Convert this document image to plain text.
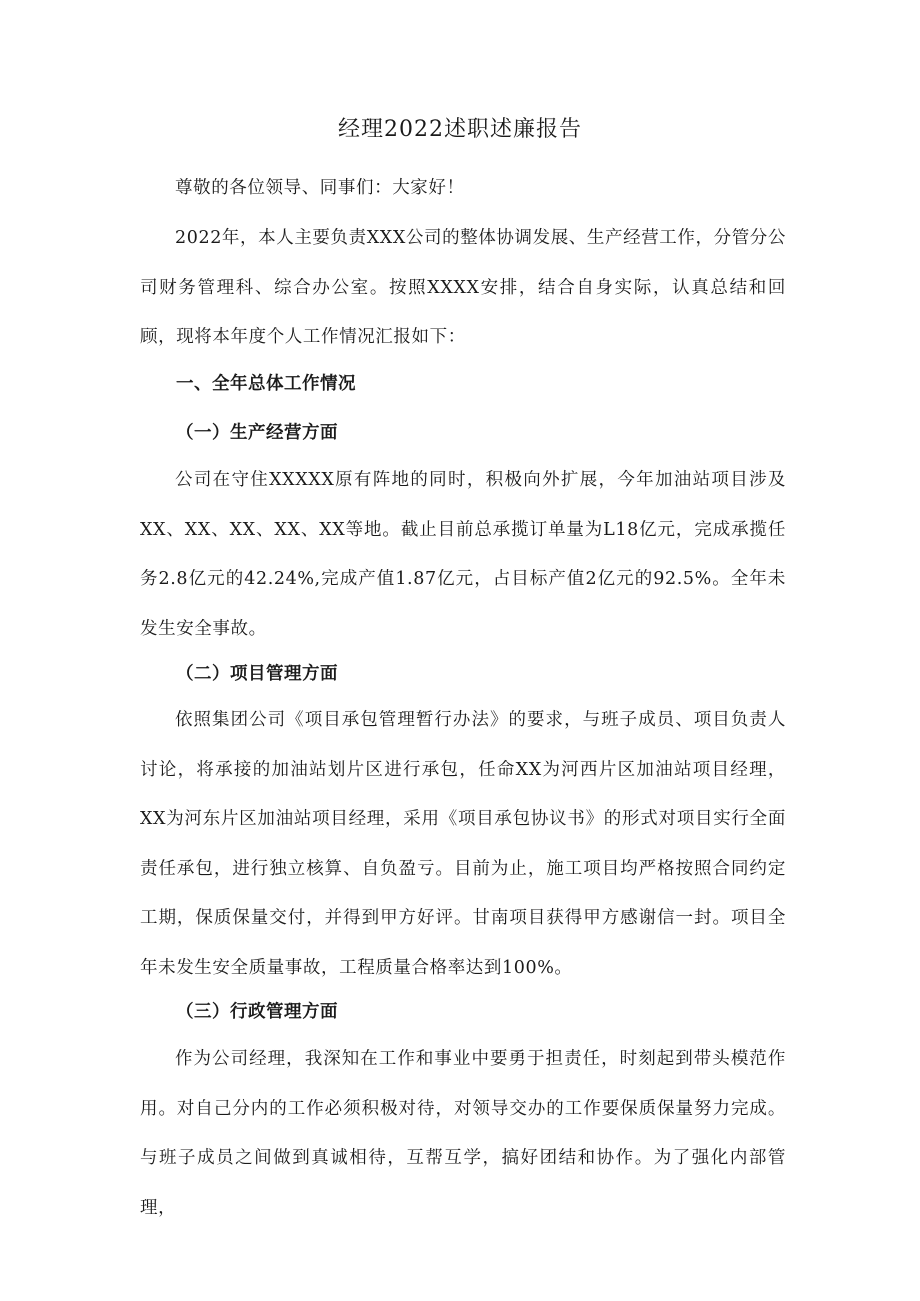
经理2022述职述廉报告

尊敬的各位领导、同事们：大家好！

2022年，本人主要负责XXX公司的整体协调发展、生产经营工作，分管分公司财务管理科、综合办公室。按照XXXX安排，结合自身实际，认真总结和回顾，现将本年度个人工作情况汇报如下：

一、全年总体工作情况
（一）生产经营方面

公司在守住XXXXX原有阵地的同时，积极向外扩展，今年加油站项目涉及XX、XX、XX、XX、XX等地。截止目前总承揽订单量为L18亿元，完成承揽任务2.8亿元的42.24%,完成产值1.87亿元，占目标产值2亿元的92.5%。全年未发生安全事故。

（二）项目管理方面

依照集团公司《项目承包管理暂行办法》的要求，与班子成员、项目负责人讨论，将承接的加油站划片区进行承包，任命XX为河西片区加油站项目经理，XX为河东片区加油站项目经理，采用《项目承包协议书》的形式对项目实行全面责任承包，进行独立核算、自负盈亏。目前为止，施工项目均严格按照合同约定工期，保质保量交付，并得到甲方好评。甘南项目获得甲方感谢信一封。项目全年未发生安全质量事故，工程质量合格率达到100%。

（三）行政管理方面

作为公司经理，我深知在工作和事业中要勇于担责任，时刻起到带头模范作用。对自己分内的工作必须积极对待，对领导交办的工作要保质保量努力完成。与班子成员之间做到真诚相待，互帮互学，搞好团结和协作。为了强化内部管理，
